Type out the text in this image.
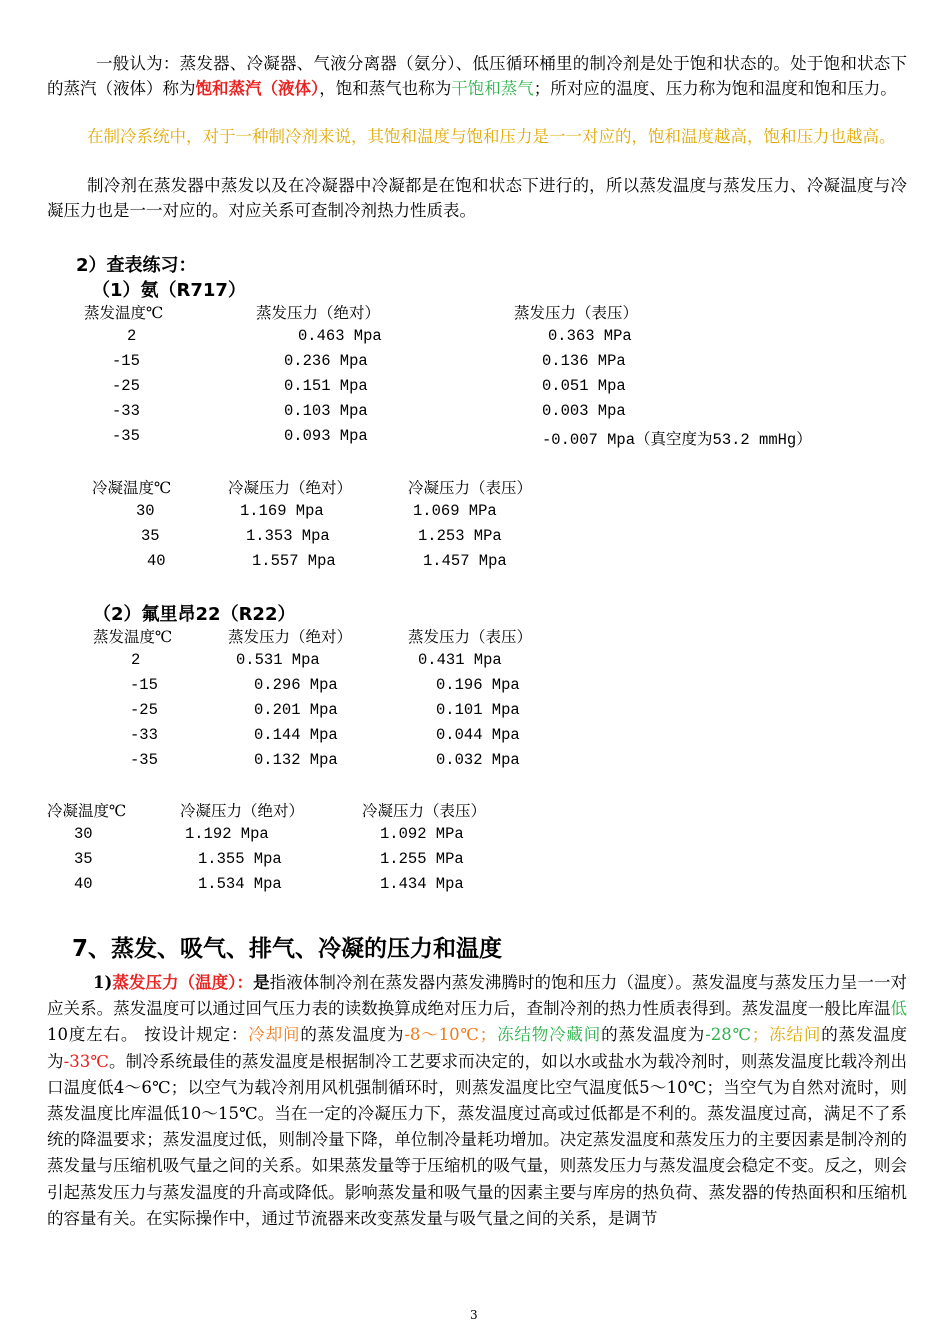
一般认为：蒸发器、冷凝器、气液分离器（氨分）、低压循环桶里的制冷剂是处于饱和状态的。处于饱和状态下的蒸汽（液体）称为饱和蒸汽（液体），饱和蒸气也称为干饱和蒸气；所对应的温度、压力称为饱和温度和饱和压力。

在制冷系统中，对于一种制冷剂来说，其饱和温度与饱和压力是一一对应的，饱和温度越高，饱和压力也越高。

制冷剂在蒸发器中蒸发以及在冷凝器中冷凝都是在饱和状态下进行的，所以蒸发温度与蒸发压力、冷凝温度与冷凝压力也是一一对应的。对应关系可查制冷剂热力性质表。

2）查表练习：
（1）氨（R717）
蒸发温度℃	蒸发压力（绝对）	蒸发压力（表压）
2	0.463 Mpa	0.363 MPa
-15	0.236 Mpa	0.136 MPa
-25	0.151 Mpa	0.051 Mpa
-33	0.103 Mpa	0.003 Mpa
-35	0.093 Mpa	-0.007 Mpa（真空度为53.2 mmHg）
冷凝温度℃	冷凝压力（绝对）	冷凝压力（表压）
30	1.169 Mpa	1.069 MPa
35	1.353 Mpa	1.253 MPa
40	1.557 Mpa	1.457 Mpa
（2）氟里昂22（R22）
蒸发温度℃	蒸发压力（绝对）	蒸发压力（表压）
2	0.531 Mpa	0.431 Mpa
-15	0.296 Mpa	0.196 Mpa
-25	0.201 Mpa	0.101 Mpa
-33	0.144 Mpa	0.044 Mpa
-35	0.132 Mpa	0.032 Mpa
冷凝温度℃	冷凝压力（绝对）	冷凝压力（表压）
30	1.192 Mpa	1.092 MPa
35	1.355 Mpa	1.255 MPa
40	1.534 Mpa	1.434 Mpa
7、蒸发、吸气、排气、冷凝的压力和温度

1)蒸发压力（温度）：是指液体制冷剂在蒸发器内蒸发沸腾时的饱和压力（温度）。蒸发温度与蒸发压力呈一一对应关系。蒸发温度可以通过回气压力表的读数换算成绝对压力后，查制冷剂的热力性质表得到。蒸发温度一般比库温低10度左右。 按设计规定：冷却间的蒸发温度为-8～10℃；冻结物冷藏间的蒸发温度为-28℃；冻结间的蒸发温度为-33℃。制冷系统最佳的蒸发温度是根据制冷工艺要求而决定的，如以水或盐水为载冷剂时，则蒸发温度比载冷剂出口温度低4～6℃；以空气为载冷剂用风机强制循环时，则蒸发温度比空气温度低5～10℃；当空气为自然对流时，则蒸发温度比库温低10～15℃。当在一定的冷凝压力下，蒸发温度过高或过低都是不利的。蒸发温度过高，满足不了系统的降温要求；蒸发温度过低，则制冷量下降，单位制冷量耗功增加。决定蒸发温度和蒸发压力的主要因素是制冷剂的蒸发量与压缩机吸气量之间的关系。如果蒸发量等于压缩机的吸气量，则蒸发压力与蒸发温度会稳定不变。反之，则会引起蒸发压力与蒸发温度的升高或降低。影响蒸发量和吸气量的因素主要与库房的热负荷、蒸发器的传热面积和压缩机的容量有关。在实际操作中，通过节流器来改变蒸发量与吸气量之间的关系，是调节

3
